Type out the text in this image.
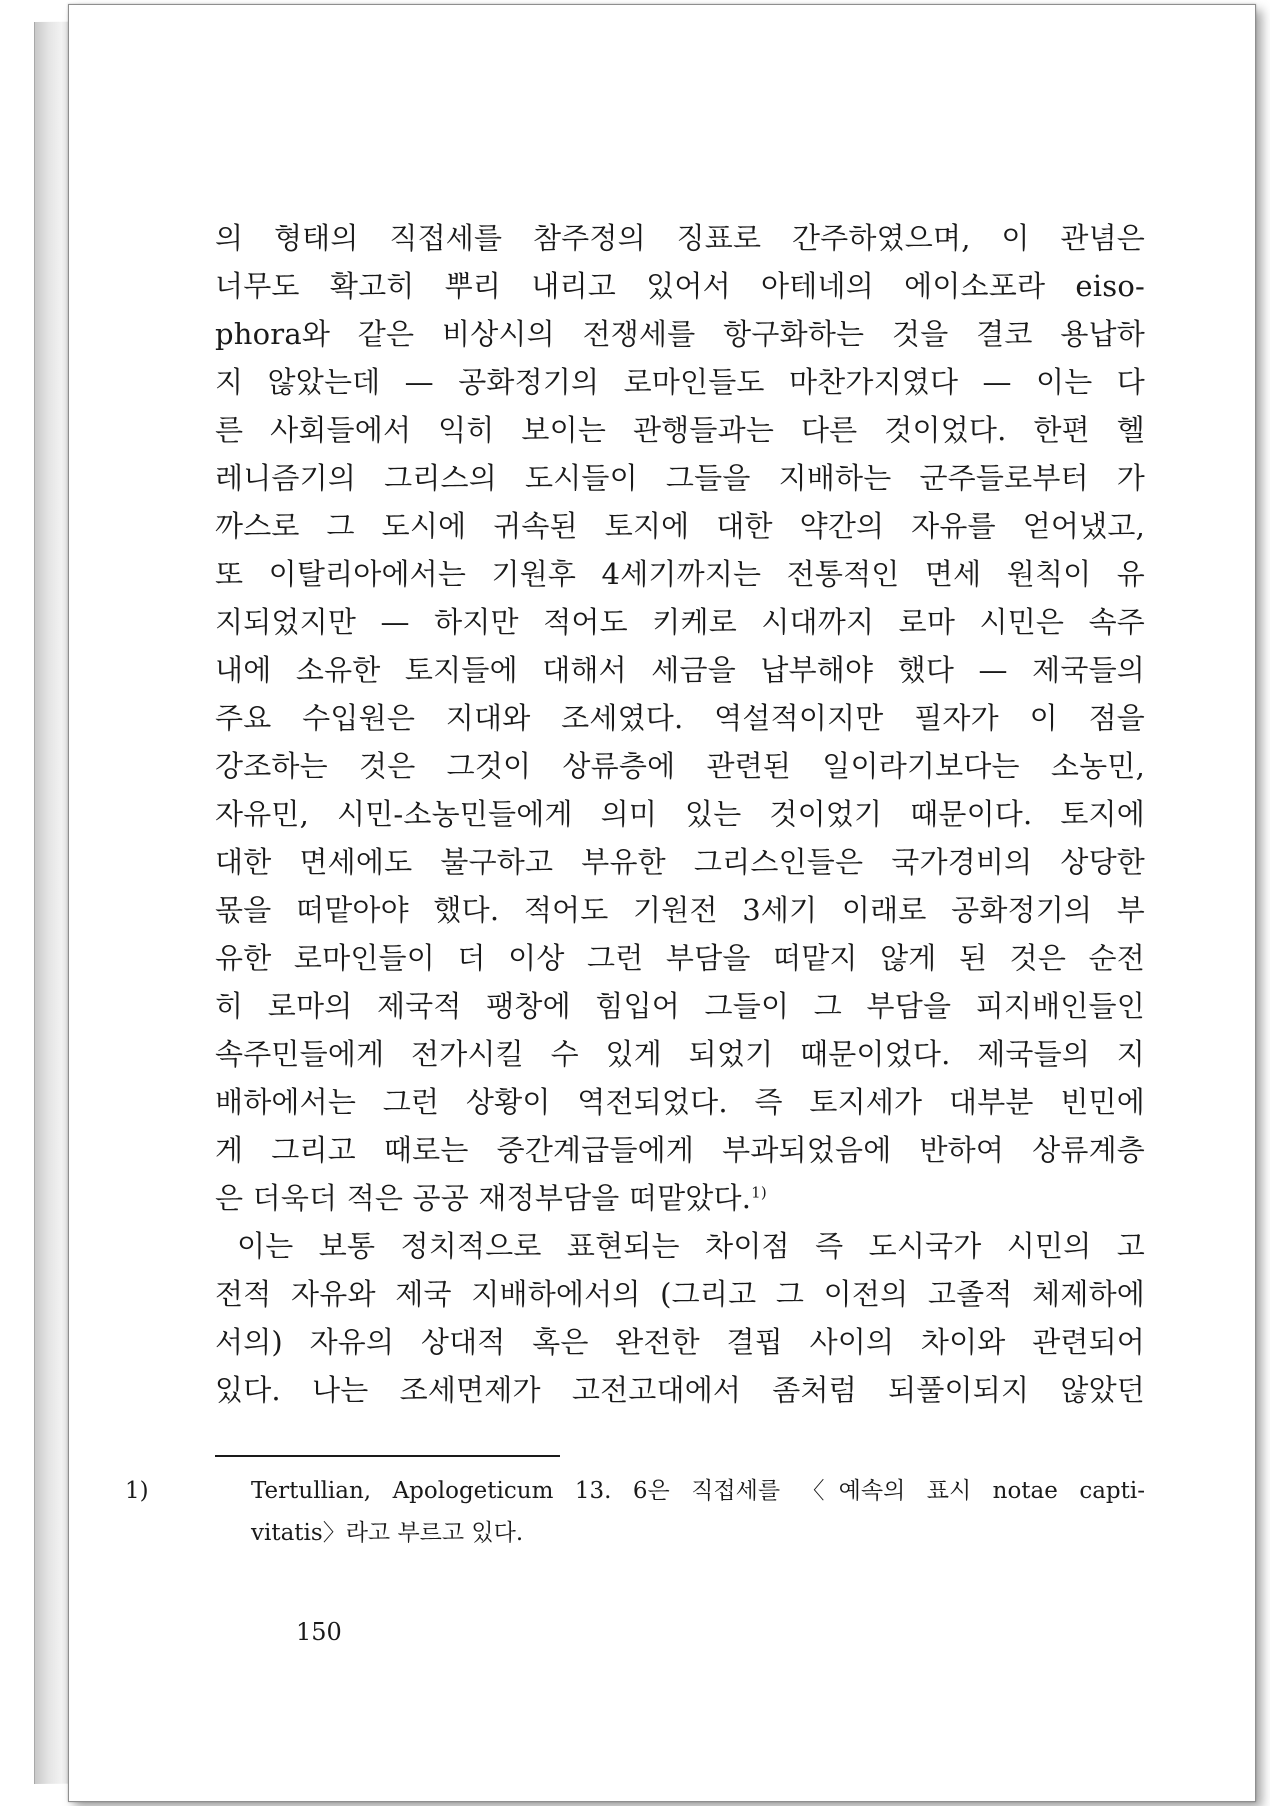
의 형태의 직접세를 참주정의 징표로 간주하였으며, 이 관념은
너무도 확고히 뿌리 내리고 있어서 아테네의 에이소포라 eiso-
phora와 같은 비상시의 전쟁세를 항구화하는 것을 결코 용납하
지 않았는데 — 공화정기의 로마인들도 마찬가지였다 — 이는 다
른 사회들에서 익히 보이는 관행들과는 다른 것이었다. 한편 헬
레니즘기의 그리스의 도시들이 그들을 지배하는 군주들로부터 가
까스로 그 도시에 귀속된 토지에 대한 약간의 자유를 얻어냈고,
또 이탈리아에서는 기원후 4세기까지는 전통적인 면세 원칙이 유
지되었지만 — 하지만 적어도 키케로 시대까지 로마 시민은 속주
내에 소유한 토지들에 대해서 세금을 납부해야 했다 — 제국들의
주요 수입원은 지대와 조세였다. 역설적이지만 필자가 이 점을
강조하는 것은 그것이 상류층에 관련된 일이라기보다는 소농민,
자유민, 시민-소농민들에게 의미 있는 것이었기 때문이다. 토지에
대한 면세에도 불구하고 부유한 그리스인들은 국가경비의 상당한
몫을 떠맡아야 했다. 적어도 기원전 3세기 이래로 공화정기의 부
유한 로마인들이 더 이상 그런 부담을 떠맡지 않게 된 것은 순전
히 로마의 제국적 팽창에 힘입어 그들이 그 부담을 피지배인들인
속주민들에게 전가시킬 수 있게 되었기 때문이었다. 제국들의 지
배하에서는 그런 상황이 역전되었다. 즉 토지세가 대부분 빈민에
게 그리고 때로는 중간계급들에게 부과되었음에 반하여 상류계층
은 더욱더 적은 공공 재정부담을 떠맡았다.$^{1)}$
이는 보통 정치적으로 표현되는 차이점 즉 도시국가 시민의 고
전적 자유와 제국 지배하에서의 (그리고 그 이전의 고졸적 체제하에
서의) 자유의 상대적 혹은 완전한 결핍 사이의 차이와 관련되어
있다. 나는 조세면제가 고전고대에서 좀처럼 되풀이되지 않았던
1)	Tertullian, Apologeticum 13. 6은 직접세를 〈예속의 표시 notae capti-
vitatis〉라고 부르고 있다.
150
